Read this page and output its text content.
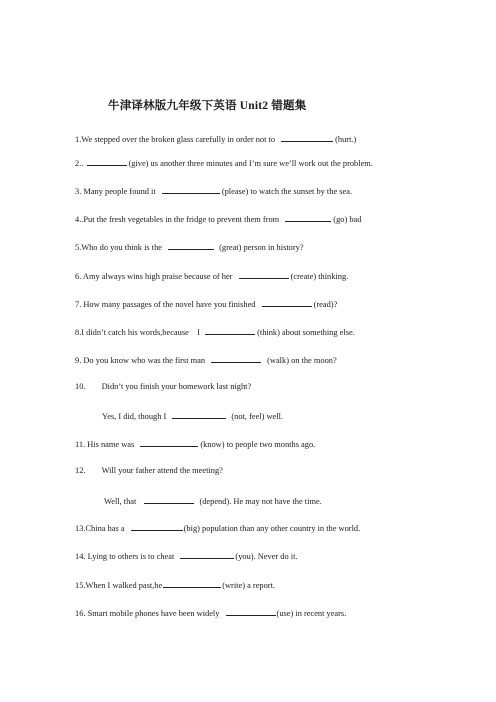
牛津译林版九年级下英语 Unit2 错题集
1.We stepped over the broken glass carefully in order not to	(hurt.)
2..	(give) us another three minutes and I’m sure we’ll work out the problem.
3. Many people found it	(please) to watch the sunset by the sea.
4..Put the fresh vegetables in the fridge to prevent them from	(go) bad
5.Who do you think is the	(great) person in history?
6. Amy always wins high praise because of her	(create) thinking.
7. How many passages of the novel have you finished	(read)?
8.I didn’t catch his words,because    I	(think) about something else.
9. Do you know who was the first man	(walk) on the moon?
10. Didn’t you finish your homework last night?
Yes, I did, though I	(not, feel) well.
11. His name was	(know) to people two months ago.
12. Will your father attend the meeting?
Well, that	(depend). He may not have the time.
13.China has a	(big) population than any other country in the world.
14. Lying to others is to cheat	(you). Never do it.
15.When I walked past,he	(write) a report.
16. Smart mobile phones have been widely	(use) in recent years.
